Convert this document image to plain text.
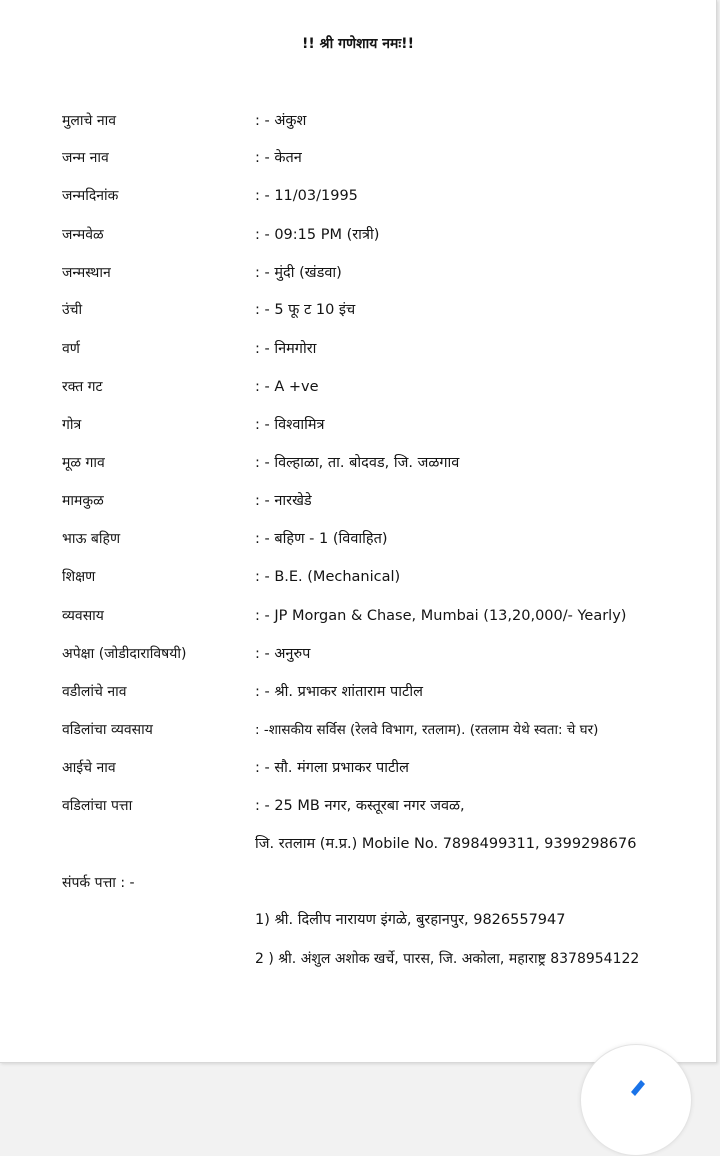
!! श्री गणेशाय नमः!!
मुलाचे नाव	: - अंकुश
जन्म नाव	: - केतन
जन्मदिनांक	: - 11/03/1995
जन्मवेळ	: - 09:15 PM (रात्री)
जन्मस्थान	: - मुंदी (खंडवा)
उंची	: - 5 फू ट 10 इंच
वर्ण	: - निमगोरा
रक्त गट	: - A +ve
गोत्र	: - विश्वामित्र
मूळ गाव	: - विल्हाळा, ता. बोदवड, जि. जळगाव
मामकुळ	: - नारखेडे
भाऊ बहिण	: - बहिण - 1 (विवाहित)
शिक्षण	: - B.E. (Mechanical)
व्यवसाय	: - JP Morgan & Chase, Mumbai (13,20,000/- Yearly)
अपेक्षा (जोडीदाराविषयी)	: - अनुरुप
वडीलांचे नाव	: - श्री. प्रभाकर शांताराम पाटील
वडिलांचा व्यवसाय	: -शासकीय सर्विस (रेलवे विभाग, रतलाम). (रतलाम येथे स्वता: चे घर)
आईचे नाव	: - सौ. मंगला प्रभाकर पाटील
वडिलांचा पत्ता	: - 25 MB नगर, कस्तूरबा नगर जवळ,
जि. रतलाम (म.प्र.) Mobile No. 7898499311, 9399298676
संपर्क पत्ता : -
1) श्री. दिलीप नारायण इंगळे, बुरहानपुर, 9826557947
2 ) श्री. अंशुल अशोक खर्चे, पारस, जि. अकोला, महाराष्ट्र 8378954122
